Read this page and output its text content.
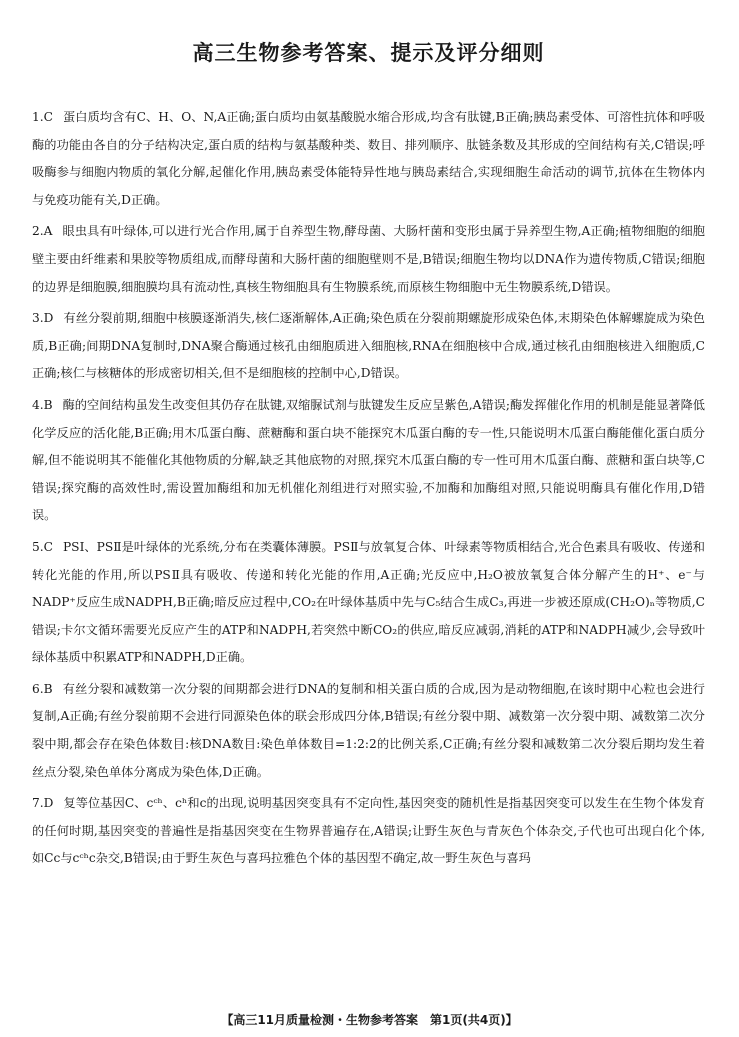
高三生物参考答案、提示及评分细则

1.C 蛋白质均含有C、H、O、N,A正确;蛋白质均由氨基酸脱水缩合形成,均含有肽键,B正确;胰岛素受体、可溶性抗体和呼吸酶的功能由各自的分子结构决定,蛋白质的结构与氨基酸种类、数目、排列顺序、肽链条数及其形成的空间结构有关,C错误;呼吸酶参与细胞内物质的氧化分解,起催化作用,胰岛素受体能特异性地与胰岛素结合,实现细胞生命活动的调节,抗体在生物体内与免疫功能有关,D正确。

2.A 眼虫具有叶绿体,可以进行光合作用,属于自养型生物,酵母菌、大肠杆菌和变形虫属于异养型生物,A正确;植物细胞的细胞壁主要由纤维素和果胶等物质组成,而酵母菌和大肠杆菌的细胞壁则不是,B错误;细胞生物均以DNA作为遗传物质,C错误;细胞的边界是细胞膜,细胞膜均具有流动性,真核生物细胞具有生物膜系统,而原核生物细胞中无生物膜系统,D错误。

3.D 有丝分裂前期,细胞中核膜逐渐消失,核仁逐渐解体,A正确;染色质在分裂前期螺旋形成染色体,末期染色体解螺旋成为染色质,B正确;间期DNA复制时,DNA聚合酶通过核孔由细胞质进入细胞核,RNA在细胞核中合成,通过核孔由细胞核进入细胞质,C正确;核仁与核糖体的形成密切相关,但不是细胞核的控制中心,D错误。

4.B 酶的空间结构虽发生改变但其仍存在肽键,双缩脲试剂与肽键发生反应呈紫色,A错误;酶发挥催化作用的机制是能显著降低化学反应的活化能,B正确;用木瓜蛋白酶、蔗糖酶和蛋白块不能探究木瓜蛋白酶的专一性,只能说明木瓜蛋白酶能催化蛋白质分解,但不能说明其不能催化其他物质的分解,缺乏其他底物的对照,探究木瓜蛋白酶的专一性可用木瓜蛋白酶、蔗糖和蛋白块等,C错误;探究酶的高效性时,需设置加酶组和加无机催化剂组进行对照实验,不加酶和加酶组对照,只能说明酶具有催化作用,D错误。

5.C PSⅠ、PSⅡ是叶绿体的光系统,分布在类囊体薄膜。PSⅡ与放氧复合体、叶绿素等物质相结合,光合色素具有吸收、传递和转化光能的作用,所以PSⅡ具有吸收、传递和转化光能的作用,A正确;光反应中,H₂O被放氧复合体分解产生的H⁺、e⁻与NADP⁺反应生成NADPH,B正确;暗反应过程中,CO₂在叶绿体基质中先与C₅结合生成C₃,再进一步被还原成(CH₂O)ₙ等物质,C错误;卡尔文循环需要光反应产生的ATP和NADPH,若突然中断CO₂的供应,暗反应减弱,消耗的ATP和NADPH减少,会导致叶绿体基质中积累ATP和NADPH,D正确。

6.B 有丝分裂和减数第一次分裂的间期都会进行DNA的复制和相关蛋白质的合成,因为是动物细胞,在该时期中心粒也会进行复制,A正确;有丝分裂前期不会进行同源染色体的联会形成四分体,B错误;有丝分裂中期、减数第一次分裂中期、减数第二次分裂中期,都会存在染色体数目:核DNA数目:染色单体数目=1:2:2的比例关系,C正确;有丝分裂和减数第二次分裂后期均发生着丝点分裂,染色单体分离成为染色体,D正确。

7.D 复等位基因C、cᶜʰ、cʰ和c的出现,说明基因突变具有不定向性,基因突变的随机性是指基因突变可以发生在生物个体发育的任何时期,基因突变的普遍性是指基因突变在生物界普遍存在,A错误;让野生灰色与青灰色个体杂交,子代也可出现白化个体,如Cc与cᶜʰc杂交,B错误;由于野生灰色与喜玛拉雅色个体的基因型不确定,故一野生灰色与喜玛

【高三11月质量检测・生物参考答案　第1页(共4页)】
